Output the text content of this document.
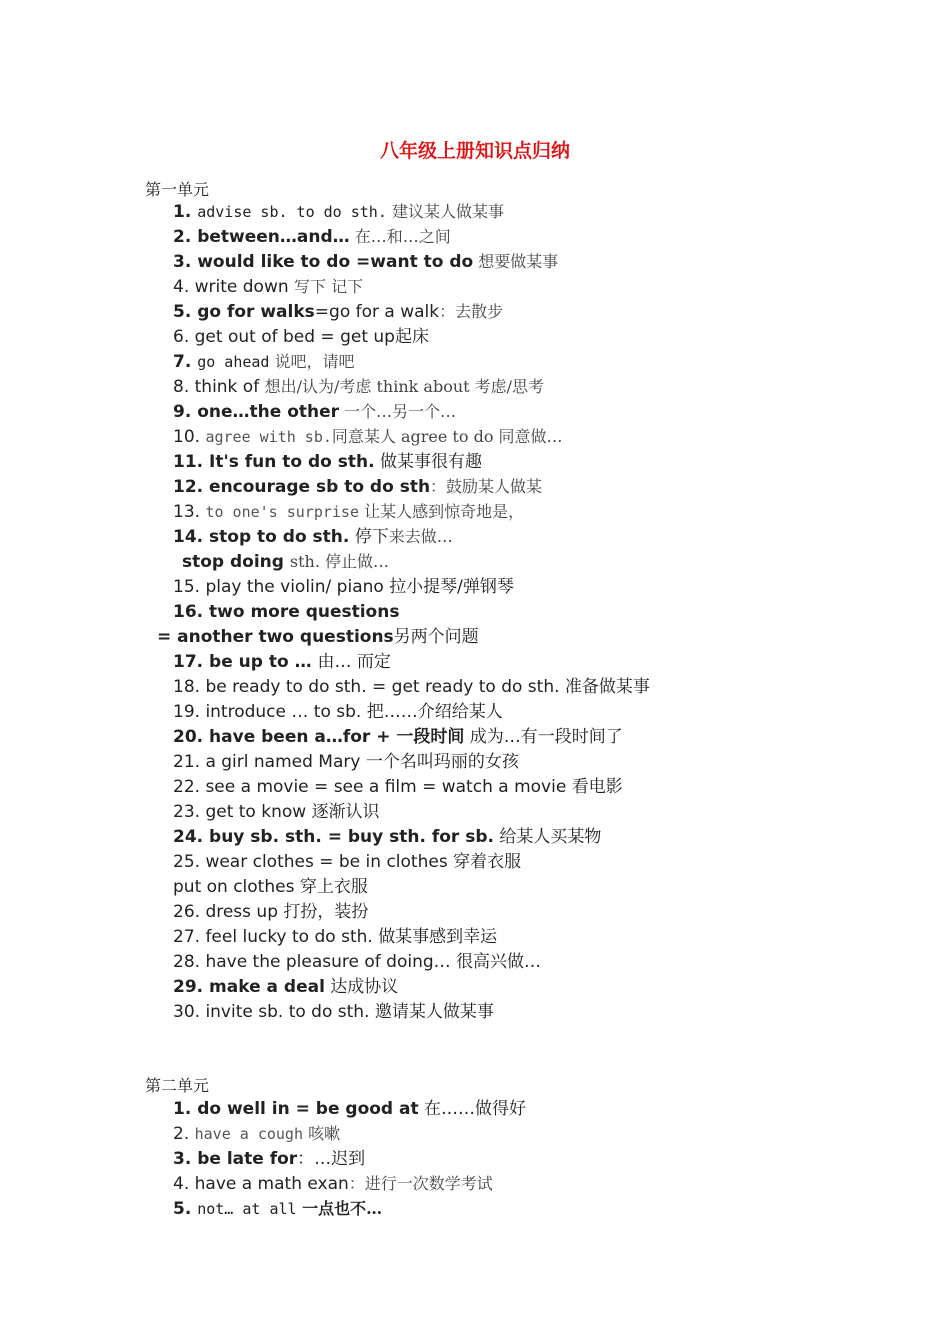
八年级上册知识点归纳
第一单元
1. advise sb. to do sth. 建议某人做某事
2. between…and… 在…和…之间
3. would like to do =want to do 想要做某事
4. write down 写下 记下
5. go for walks=go for a walk：去散步
6. get out of bed = get up起床
7. go ahead 说吧，请吧
8. think of 想出/认为/考虑 think about 考虑/思考
9. one…the other 一个…另一个…
10. agree with sb.同意某人 agree to do 同意做…
11. It's fun to do sth. 做某事很有趣
12. encourage sb to do sth：鼓励某人做某
13. to one's surprise 让某人感到惊奇地是，
14. stop to do sth. 停下来去做…
stop doing sth. 停止做…
15. play the violin/ piano 拉小提琴/弹钢琴
16. two more questions
= another two questions另两个问题
17. be up to … 由… 而定
18. be ready to do sth. = get ready to do sth. 准备做某事
19. introduce … to sb. 把……介绍给某人
20. have been a…for + 一段时间 成为…有一段时间了
21. a girl named Mary 一个名叫玛丽的女孩
22. see a movie = see a film = watch a movie 看电影
23. get to know 逐渐认识
24. buy sb. sth. = buy sth. for sb. 给某人买某物
25. wear clothes = be in clothes 穿着衣服
put on clothes 穿上衣服
26. dress up 打扮，装扮
27. feel lucky to do sth. 做某事感到幸运
28. have the pleasure of doing… 很高兴做…
29. make a deal 达成协议
30. invite sb. to do sth. 邀请某人做某事
第二单元
1. do well in = be good at 在……做得好
2. have a cough 咳嗽
3. be late for：…迟到
4. have a math exan：进行一次数学考试
5. not… at all 一点也不…
